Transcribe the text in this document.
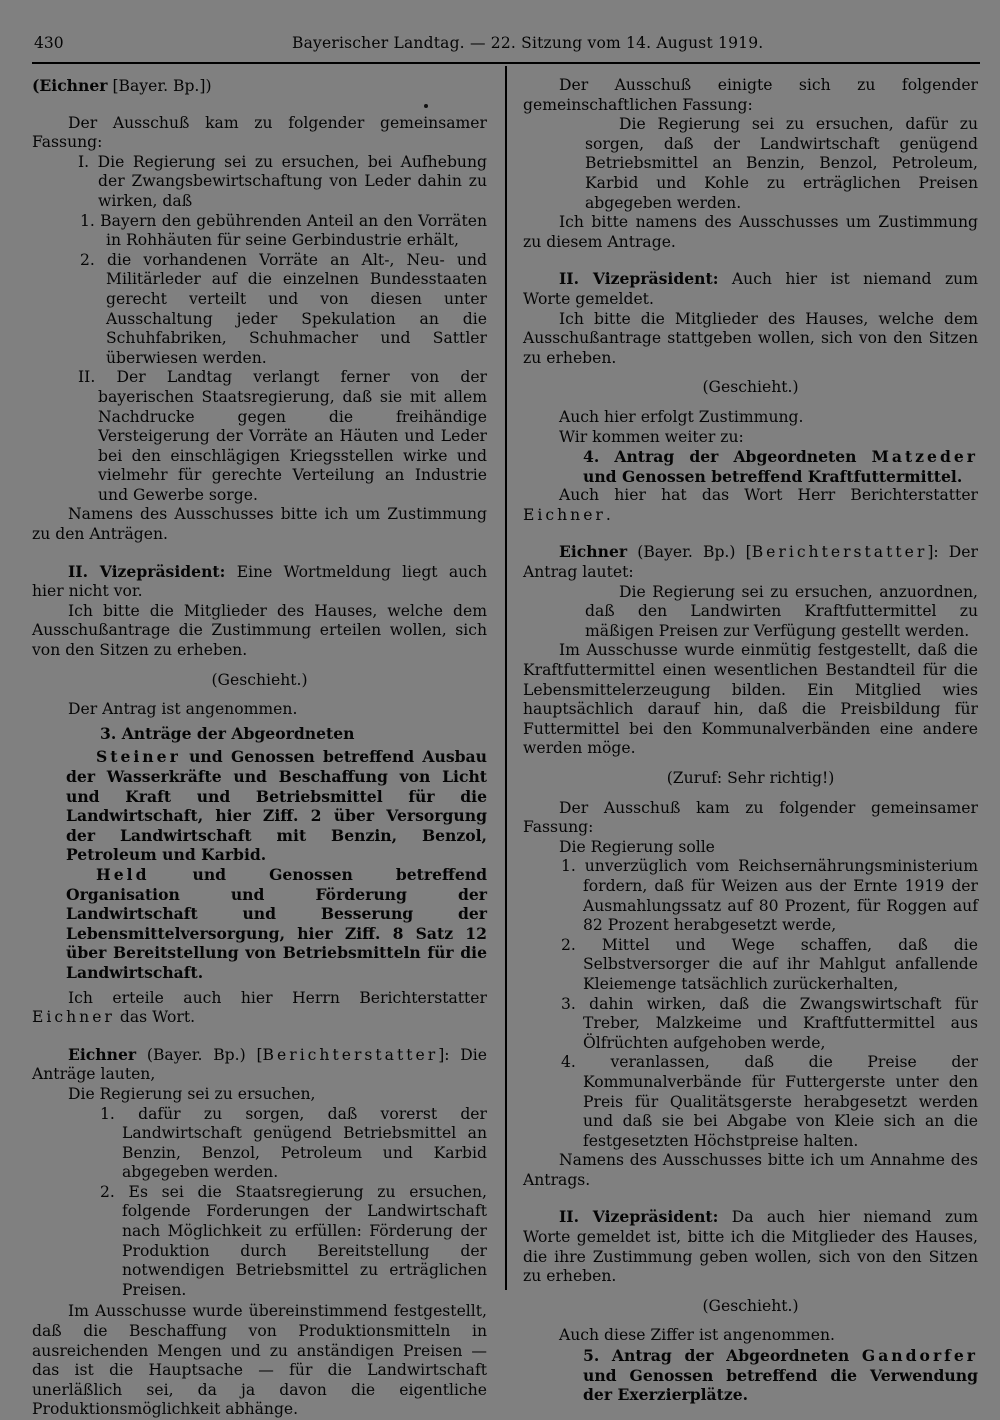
430	Bayerischer Landtag. — 22. Sitzung vom 14. August 1919.

(Eichner [Bayer. Bp.])

Der Ausschuß kam zu folgender gemeinsamer Fassung:

I. Die Regierung sei zu ersuchen, bei Aufhebung der Zwangsbewirtschaftung von Leder dahin zu wirken, daß

1. Bayern den gebührenden Anteil an den Vorräten in Rohhäuten für seine Gerbindustrie erhält,

2. die vorhandenen Vorräte an Alt-, Neu- und Militärleder auf die einzelnen Bundesstaaten gerecht verteilt und von diesen unter Ausschaltung jeder Spekulation an die Schuhfabriken, Schuhmacher und Sattler überwiesen werden.

II. Der Landtag verlangt ferner von der bayerischen Staatsregierung, daß sie mit allem Nachdrucke gegen die freihändige Versteigerung der Vorräte an Häuten und Leder bei den einschlägigen Kriegsstellen wirke und vielmehr für gerechte Verteilung an Industrie und Gewerbe sorge.

Namens des Ausschusses bitte ich um Zustimmung zu den Anträgen.

II. Vizepräsident: Eine Wortmeldung liegt auch hier nicht vor.

Ich bitte die Mitglieder des Hauses, welche dem Ausschußantrage die Zustimmung erteilen wollen, sich von den Sitzen zu erheben.

(Geschieht.)

Der Antrag ist angenommen.

3. Anträge der Abgeordneten

Steiner und Genossen betreffend Ausbau der Wasserkräfte und Beschaffung von Licht und Kraft und Betriebsmittel für die Landwirtschaft, hier Ziff. 2 über Versorgung der Landwirtschaft mit Benzin, Benzol, Petroleum und Karbid.

Held und Genossen betreffend Organisation und Förderung der Landwirtschaft und Besserung der Lebensmittelversorgung, hier Ziff. 8 Satz 12 über Bereitstellung von Betriebsmitteln für die Landwirtschaft.

Ich erteile auch hier Herrn Berichterstatter Eichner das Wort.

Eichner (Bayer. Bp.) [Berichterstatter]: Die Anträge lauten,

Die Regierung sei zu ersuchen,

1. dafür zu sorgen, daß vorerst der Landwirtschaft genügend Betriebsmittel an Benzin, Benzol, Petroleum und Karbid abgegeben werden.

2. Es sei die Staatsregierung zu ersuchen, folgende Forderungen der Landwirtschaft nach Möglichkeit zu erfüllen: Förderung der Produktion durch Bereitstellung der notwendigen Betriebsmittel zu erträglichen Preisen.

Im Ausschusse wurde übereinstimmend festgestellt, daß die Beschaffung von Produktionsmitteln in ausreichenden Mengen und zu anständigen Preisen — das ist die Hauptsache — für die Landwirtschaft unerläßlich sei, da ja davon die eigentliche Produktionsmöglichkeit abhänge.

Der Ausschuß einigte sich zu folgender gemeinschaftlichen Fassung:

Die Regierung sei zu ersuchen, dafür zu sorgen, daß der Landwirtschaft genügend Betriebsmittel an Benzin, Benzol, Petroleum, Karbid und Kohle zu erträglichen Preisen abgegeben werden.

Ich bitte namens des Ausschusses um Zustimmung zu diesem Antrage.

II. Vizepräsident: Auch hier ist niemand zum Worte gemeldet.

Ich bitte die Mitglieder des Hauses, welche dem Ausschußantrage stattgeben wollen, sich von den Sitzen zu erheben.

(Geschieht.)

Auch hier erfolgt Zustimmung.

Wir kommen weiter zu:

4. Antrag der Abgeordneten Matzeder und Genossen betreffend Kraftfuttermittel.

Auch hier hat das Wort Herr Berichterstatter Eichner.

Eichner (Bayer. Bp.) [Berichterstatter]: Der Antrag lautet:

Die Regierung sei zu ersuchen, anzuordnen, daß den Landwirten Kraftfuttermittel zu mäßigen Preisen zur Verfügung gestellt werden.

Im Ausschusse wurde einmütig festgestellt, daß die Kraftfuttermittel einen wesentlichen Bestandteil für die Lebensmittelerzeugung bilden. Ein Mitglied wies hauptsächlich darauf hin, daß die Preisbildung für Futtermittel bei den Kommunalverbänden eine andere werden möge.

(Zuruf: Sehr richtig!)

Der Ausschuß kam zu folgender gemeinsamer Fassung:

Die Regierung solle

1. unverzüglich vom Reichsernährungsministerium fordern, daß für Weizen aus der Ernte 1919 der Ausmahlungssatz auf 80 Prozent, für Roggen auf 82 Prozent herabgesetzt werde,

2. Mittel und Wege schaffen, daß die Selbstversorger die auf ihr Mahlgut anfallende Kleiemenge tatsächlich zurückerhalten,

3. dahin wirken, daß die Zwangswirtschaft für Treber, Malzkeime und Kraftfuttermittel aus Ölfrüchten aufgehoben werde,

4. veranlassen, daß die Preise der Kommunalverbände für Futtergerste unter den Preis für Qualitätsgerste herabgesetzt werden und daß sie bei Abgabe von Kleie sich an die festgesetzten Höchstpreise halten.

Namens des Ausschusses bitte ich um Annahme des Antrags.

II. Vizepräsident: Da auch hier niemand zum Worte gemeldet ist, bitte ich die Mitglieder des Hauses, die ihre Zustimmung geben wollen, sich von den Sitzen zu erheben.

(Geschieht.)

Auch diese Ziffer ist angenommen.

5. Antrag der Abgeordneten Gandorfer und Genossen betreffend die Verwendung der Exerzierplätze.
